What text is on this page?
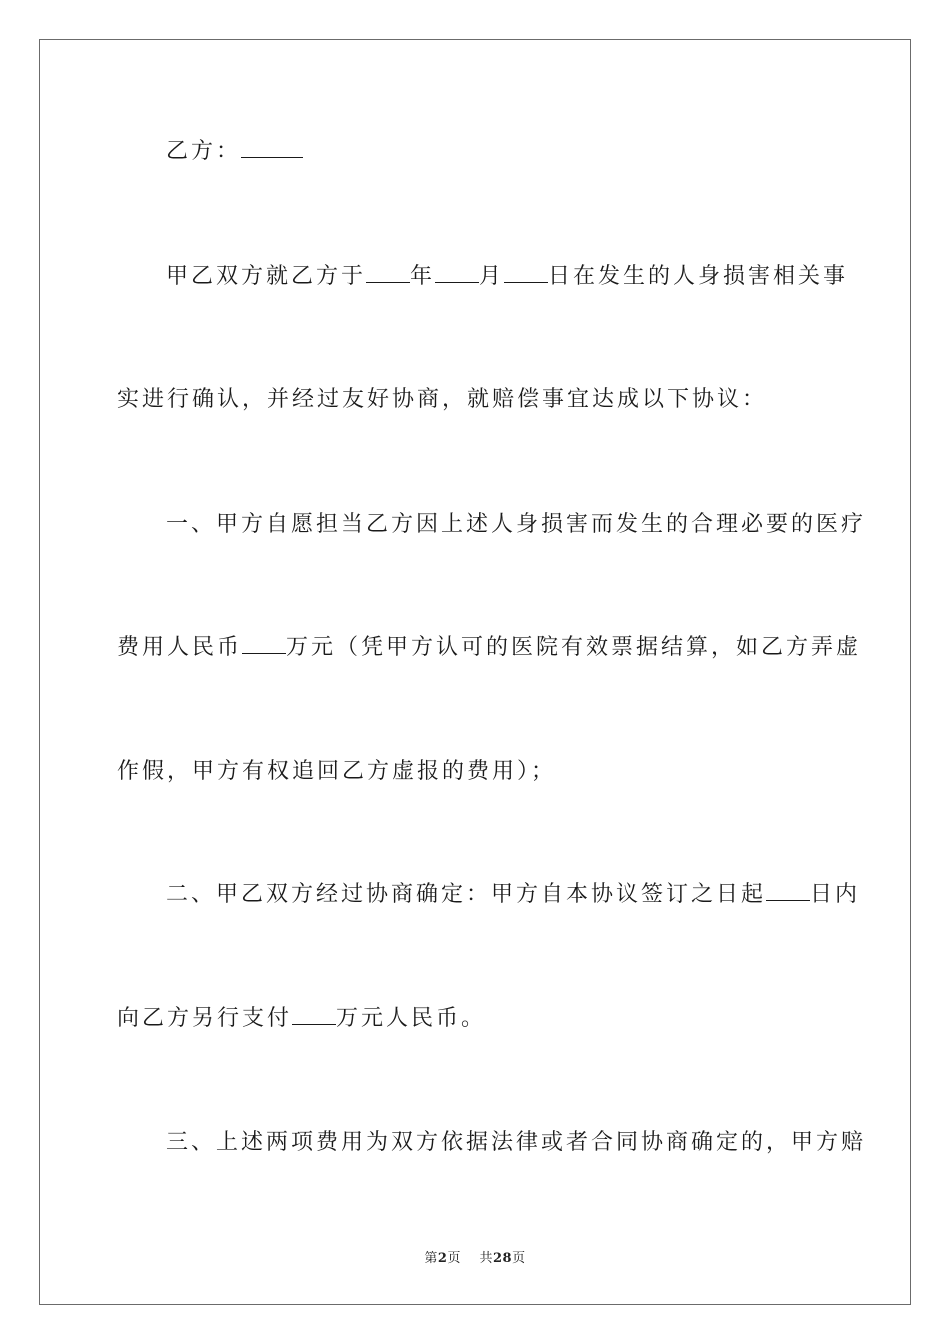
乙方：
甲乙双方就乙方于 年 月 日在发生的人身损害相关事
实进行确认，并经过友好协商，就赔偿事宜达成以下协议：
一、甲方自愿担当乙方因上述人身损害而发生的合理必要的医疗
费用人民币 万元（凭甲方认可的医院有效票据结算，如乙方弄虚
作假，甲方有权追回乙方虚报的费用）；
二、甲乙双方经过协商确定：甲方自本协议签订之日起 日内
向乙方另行支付 万元人民币。
三、上述两项费用为双方依据法律或者合同协商确定的，甲方赔
第2页 共28页
